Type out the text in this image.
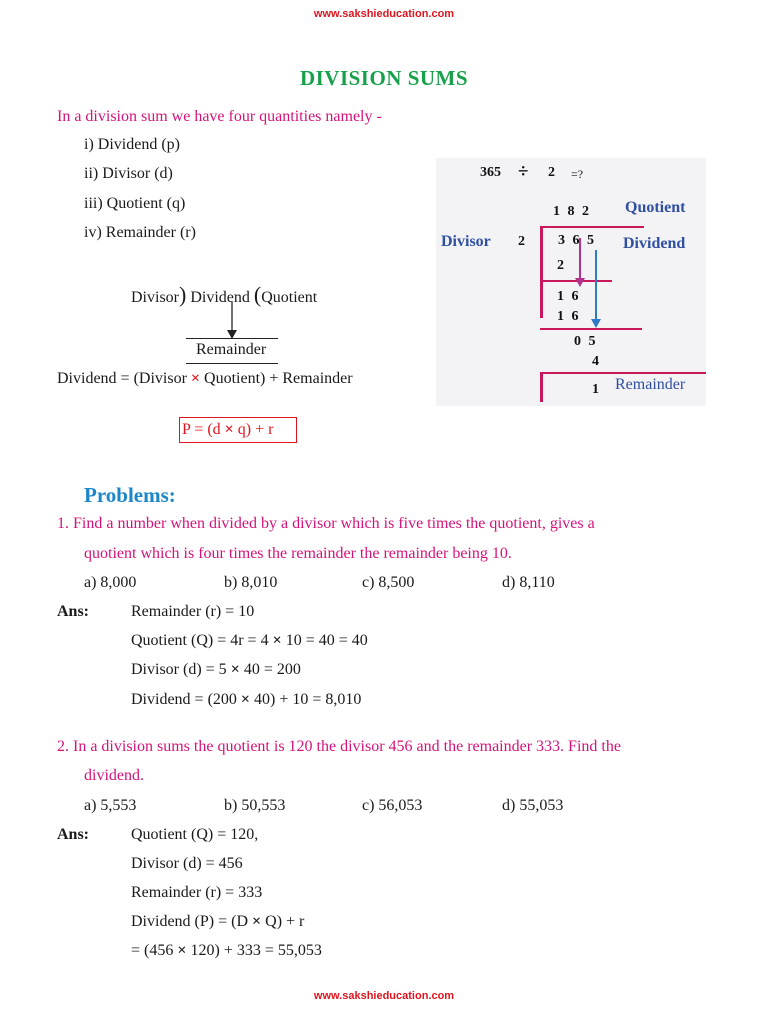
www.sakshieducation.com
DIVISION SUMS
In a division sum we have four quantities namely -
i) Dividend (p)
ii) Divisor (d)
iii) Quotient (q)
iv) Remainder (r)
Divisor) Dividend (Quotient
Remainder
Dividend = (Divisor × Quotient) + Remainder
P = (d × q) + r
365 ÷ 2 =?
1 8 2 Quotient
Divisor 2 3 6 5 Dividend
2
1 6
1 6
0 5
4
1 Remainder
Problems:
1. Find a number when divided by a divisor which is five times the quotient, gives a
quotient which is four times the remainder the remainder being 10.
a) 8,000	b) 8,010	c) 8,500	d) 8,110
Ans:	Remainder (r) = 10
Quotient (Q) = 4r = 4 × 10 = 40 = 40
Divisor (d) = 5 × 40 = 200
Dividend = (200 × 40) + 10 = 8,010
2. In a division sums the quotient is 120 the divisor 456 and the remainder 333. Find the
dividend.
a) 5,553	b) 50,553	c) 56,053	d) 55,053
Ans:	Quotient (Q) = 120,
Divisor (d) = 456
Remainder (r) = 333
Dividend (P) = (D × Q) + r
= (456 × 120) + 333 = 55,053
www.sakshieducation.com
